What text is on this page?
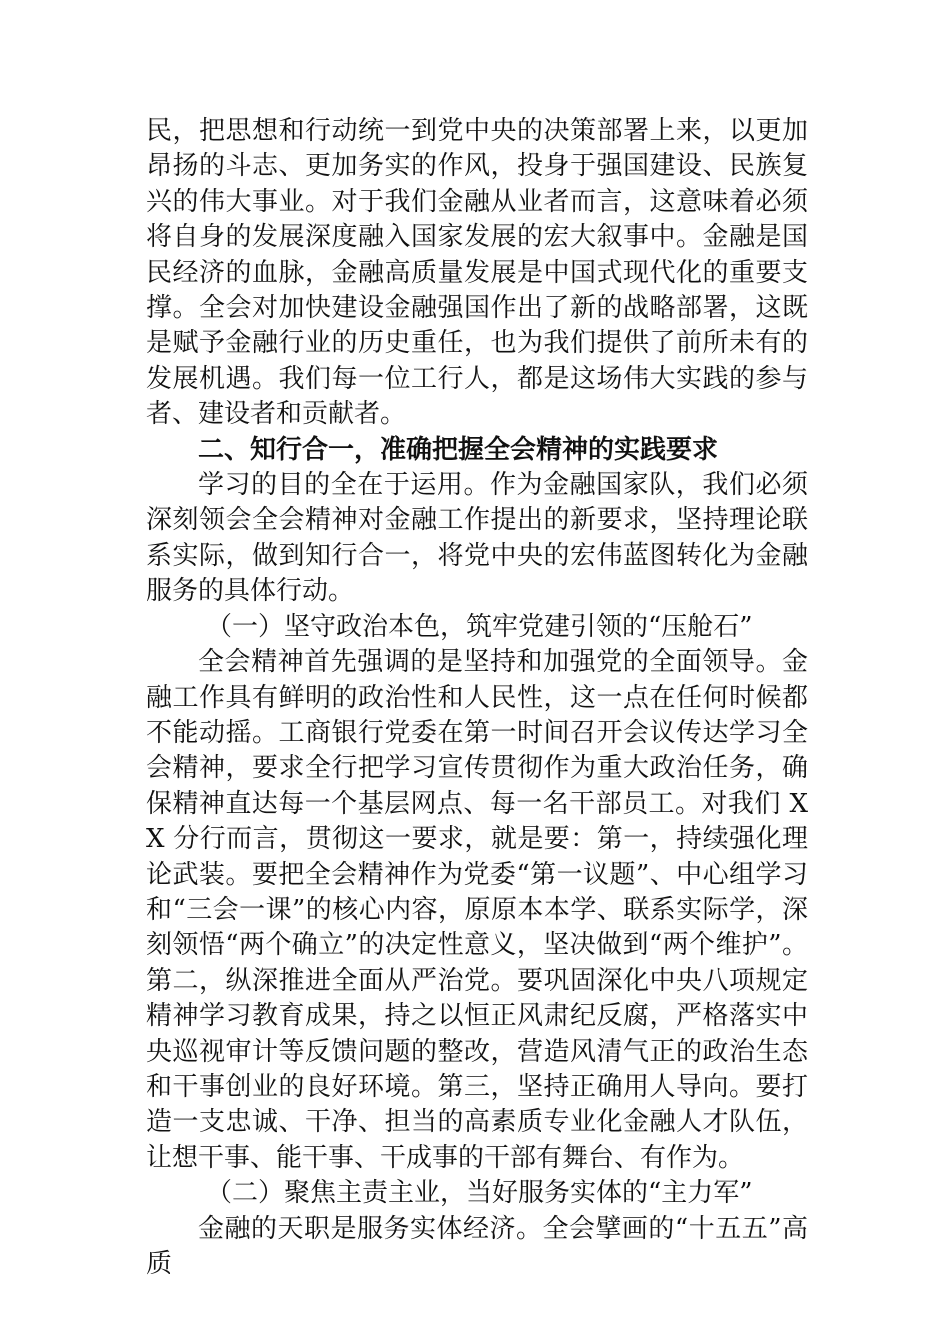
民，把思想和行动统一到党中央的决策部署上来，以更加昂扬的斗志、更加务实的作风，投身于强国建设、民族复兴的伟大事业。对于我们金融从业者而言，这意味着必须将自身的发展深度融入国家发展的宏大叙事中。金融是国民经济的血脉，金融高质量发展是中国式现代化的重要支撑。全会对加快建设金融强国作出了新的战略部署，这既是赋予金融行业的历史重任，也为我们提供了前所未有的发展机遇。我们每一位工行人，都是这场伟大实践的参与者、建设者和贡献者。

二、知行合一，准确把握全会精神的实践要求

学习的目的全在于运用。作为金融国家队，我们必须深刻领会全会精神对金融工作提出的新要求，坚持理论联系实际，做到知行合一，将党中央的宏伟蓝图转化为金融服务的具体行动。

（一）坚守政治本色，筑牢党建引领的“压舱石”

全会精神首先强调的是坚持和加强党的全面领导。金融工作具有鲜明的政治性和人民性，这一点在任何时候都不能动摇。工商银行党委在第一时间召开会议传达学习全会精神，要求全行把学习宣传贯彻作为重大政治任务，确保精神直达每一个基层网点、每一名干部员工。对我们 XX 分行而言，贯彻这一要求，就是要：第一，持续强化理论武装。要把全会精神作为党委“第一议题”、中心组学习和“三会一课”的核心内容，原原本本学、联系实际学，深刻领悟“两个确立”的决定性意义，坚决做到“两个维护”。第二，纵深推进全面从严治党。要巩固深化中央八项规定精神学习教育成果，持之以恒正风肃纪反腐，严格落实中央巡视审计等反馈问题的整改，营造风清气正的政治生态和干事创业的良好环境。第三，坚持正确用人导向。要打造一支忠诚、干净、担当的高素质专业化金融人才队伍，让想干事、能干事、干成事的干部有舞台、有作为。

（二）聚焦主责主业，当好服务实体的“主力军”

金融的天职是服务实体经济。全会擘画的“十五五”高质
